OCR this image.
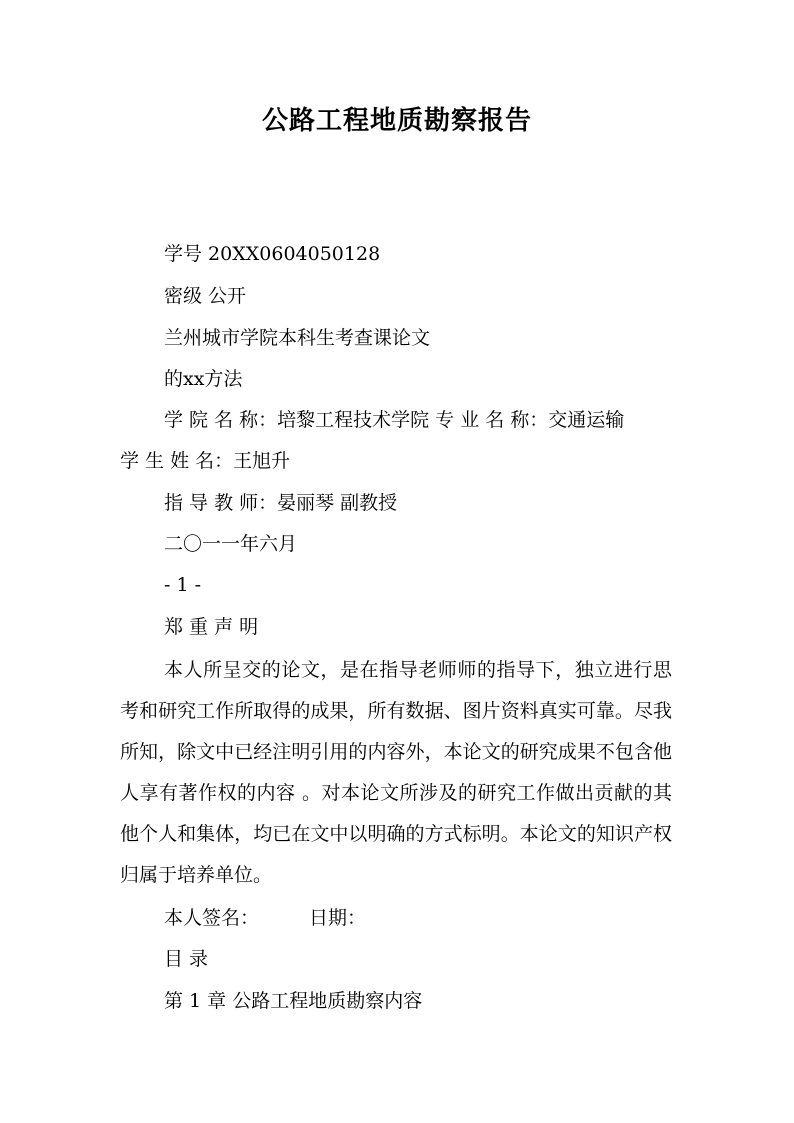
公路工程地质勘察报告
学号 20XX0604050128
密级 公开
兰州城市学院本科生考查课论文
的xx方法
学 院 名 称：培黎工程技术学院 专 业 名 称：交通运输
学 生 姓 名：王旭升
指 导 教 师：晏丽琴 副教授
二〇一一年六月
- 1 -
郑 重 声 明
本人所呈交的论文，是在指导老师师的指导下，独立进行思考和研究工作所取得的成果，所有数据、图片资料真实可靠。尽我所知，除文中已经注明引用的内容外，本论文的研究成果不包含他人享有著作权的内容 。对本论文所涉及的研究工作做出贡献的其他个人和集体，均已在文中以明确的方式标明。本论文的知识产权归属于培养单位。
本人签名：	日期：
目 录
第 1 章 公路工程地质勘察内容
